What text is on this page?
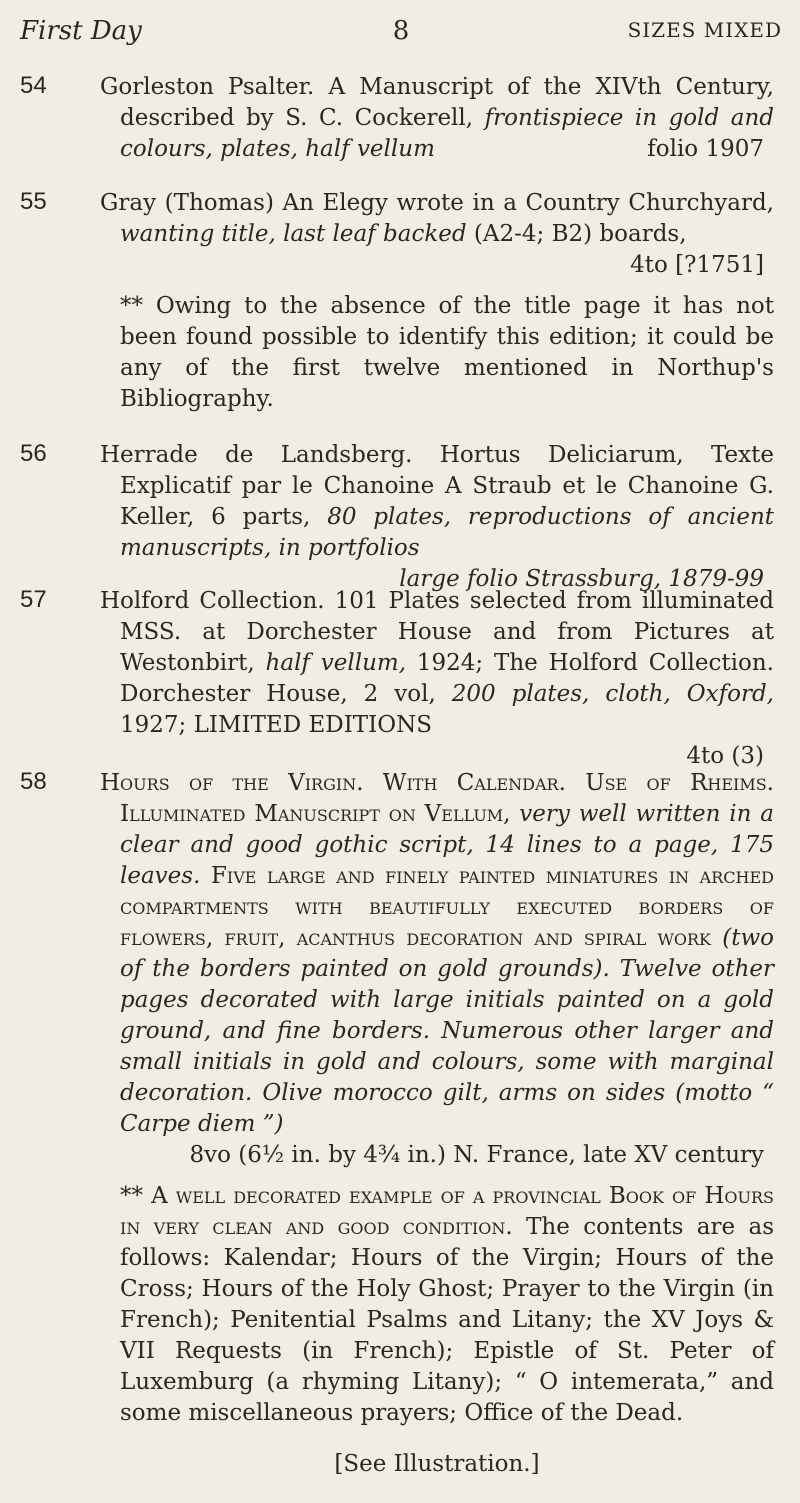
First Day	8	SIZES MIXED
54 Gorleston Psalter. A Manuscript of the XIVth Century, described by S. C. Cockerell, frontispiece in gold and colours, plates, half vellum	folio 1907
55 Gray (Thomas) An Elegy wrote in a Country Churchyard, wanting title, last leaf backed (A2-4; B2) boards,

4to [?1751]

** Owing to the absence of the title page it has not been found possible to identify this edition; it could be any of the first twelve mentioned in Northup's Bibliography.

56 Herrade de Landsberg. Hortus Deliciarum, Texte Explicatif par le Chanoine A Straub et le Chanoine G. Keller, 6 parts, 80 plates, reproductions of ancient manuscripts, in portfolios

large folio Strassburg, 1879-99
57 Holford Collection. 101 Plates selected from illuminated MSS. at Dorchester House and from Pictures at Westonbirt, half vellum, 1924; The Holford Collection. Dorchester House, 2 vol, 200 plates, cloth, Oxford, 1927; LIMITED EDITIONS

4to (3)
58 Hours of the Virgin. With Calendar. Use of Rheims. Illuminated Manuscript on Vellum, very well written in a clear and good gothic script, 14 lines to a page, 175 leaves. Five large and finely painted miniatures in arched compartments with beautifully executed borders of flowers, fruit, acanthus decoration and spiral work (two of the borders painted on gold grounds). Twelve other pages decorated with large initials painted on a gold ground, and fine borders. Numerous other larger and small initials in gold and colours, some with marginal decoration. Olive morocco gilt, arms on sides (motto “ Carpe diem ”)

8vo (6½ in. by 4¾ in.) N. France, late XV century

** A well decorated example of a provincial Book of Hours in very clean and good condition. The contents are as follows: Kalendar; Hours of the Virgin; Hours of the Cross; Hours of the Holy Ghost; Prayer to the Virgin (in French); Penitential Psalms and Litany; the XV Joys & VII Requests (in French); Epistle of St. Peter of Luxemburg (a rhyming Litany); “ O intemerata,” and some miscellaneous prayers; Office of the Dead.

[See Illustration.]
